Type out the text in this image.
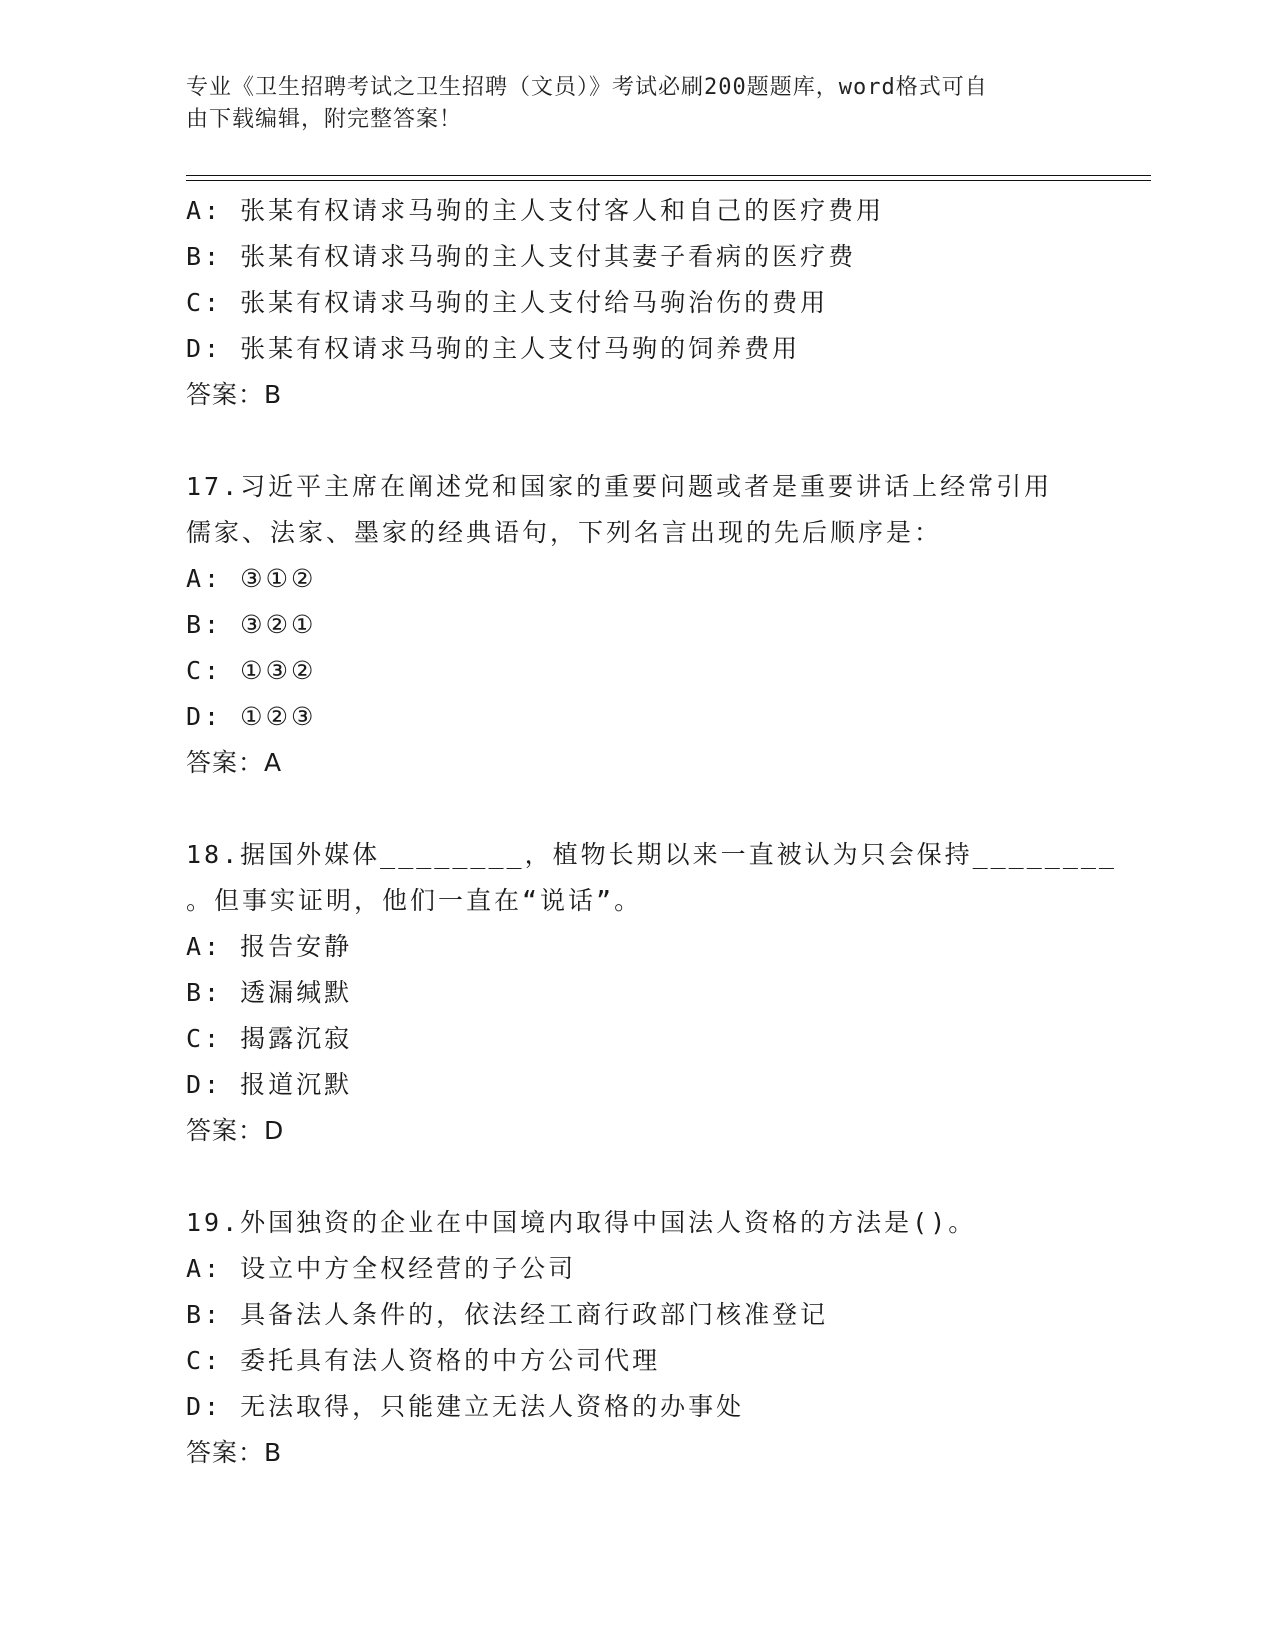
专业《卫生招聘考试之卫生招聘（文员）》考试必刷200题题库，word格式可自
由下载编辑，附完整答案！
A: 张某有权请求马驹的主人支付客人和自己的医疗费用
B: 张某有权请求马驹的主人支付其妻子看病的医疗费
C: 张某有权请求马驹的主人支付给马驹治伤的费用
D: 张某有权请求马驹的主人支付马驹的饲养费用
答案：B
17.习近平主席在阐述党和国家的重要问题或者是重要讲话上经常引用
儒家、法家、墨家的经典语句，下列名言出现的先后顺序是：
A: ③①②
B: ③②①
C: ①③②
D: ①②③
答案：A
18.据国外媒体________，植物长期以来一直被认为只会保持________
。但事实证明，他们一直在“说话”。
A: 报告安静
B: 透漏缄默
C: 揭露沉寂
D: 报道沉默
答案：D
19.外国独资的企业在中国境内取得中国法人资格的方法是()。
A: 设立中方全权经营的子公司
B: 具备法人条件的，依法经工商行政部门核准登记
C: 委托具有法人资格的中方公司代理
D: 无法取得，只能建立无法人资格的办事处
答案：B
